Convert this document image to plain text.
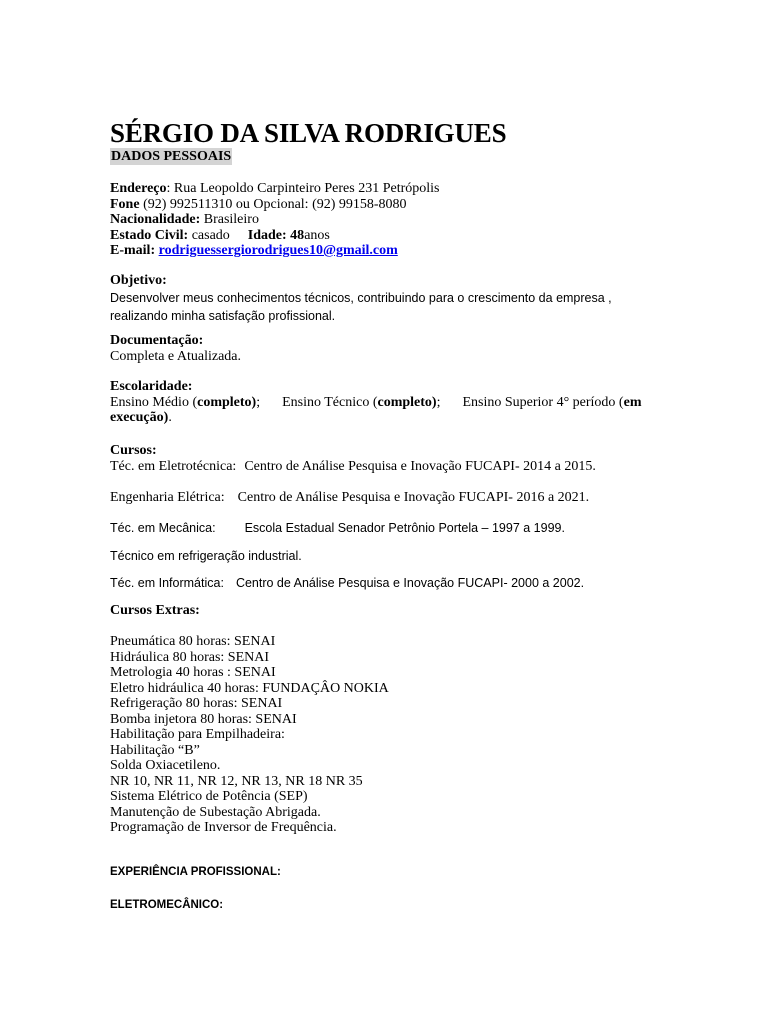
SÉRGIO DA SILVA RODRIGUES
DADOS PESSOAIS
Endereço: Rua Leopoldo Carpinteiro Peres 231 Petrópolis
Fone (92) 992511310 ou Opcional: (92) 99158-8080
Nacionalidade: Brasileiro
Estado Civil: casado Idade: 48anos
E-mail: rodriguessergiorodrigues10@gmail.com
Objetivo:
Desenvolver meus conhecimentos técnicos, contribuindo para o crescimento da empresa ,
realizando minha satisfação profissional.
Documentação:
Completa e Atualizada.
Escolaridade:
Ensino Médio (completo); Ensino Técnico (completo); Ensino Superior 4° período (em
execução).
Cursos:
Téc. em Eletrotécnica: Centro de Análise Pesquisa e Inovação FUCAPI- 2014 a 2015.
Engenharia Elétrica: Centro de Análise Pesquisa e Inovação FUCAPI- 2016 a 2021.
Téc. em Mecânica: Escola Estadual Senador Petrônio Portela – 1997 a 1999.
Técnico em refrigeração industrial.
Téc. em Informática: Centro de Análise Pesquisa e Inovação FUCAPI- 2000 a 2002.
Cursos Extras:
Pneumática 80 horas: SENAI
Hidráulica 80 horas: SENAI
Metrologia 40 horas : SENAI
Eletro hidráulica 40 horas: FUNDAÇÂO NOKIA
Refrigeração 80 horas: SENAI
Bomba injetora 80 horas: SENAI
Habilitação para Empilhadeira:
Habilitação “B”
Solda Oxiacetileno.
NR 10, NR 11, NR 12, NR 13, NR 18 NR 35
Sistema Elétrico de Potência (SEP)
Manutenção de Subestação Abrigada.
Programação de Inversor de Frequência.
EXPERIÊNCIA PROFISSIONAL:
ELETROMECÂNICO:
